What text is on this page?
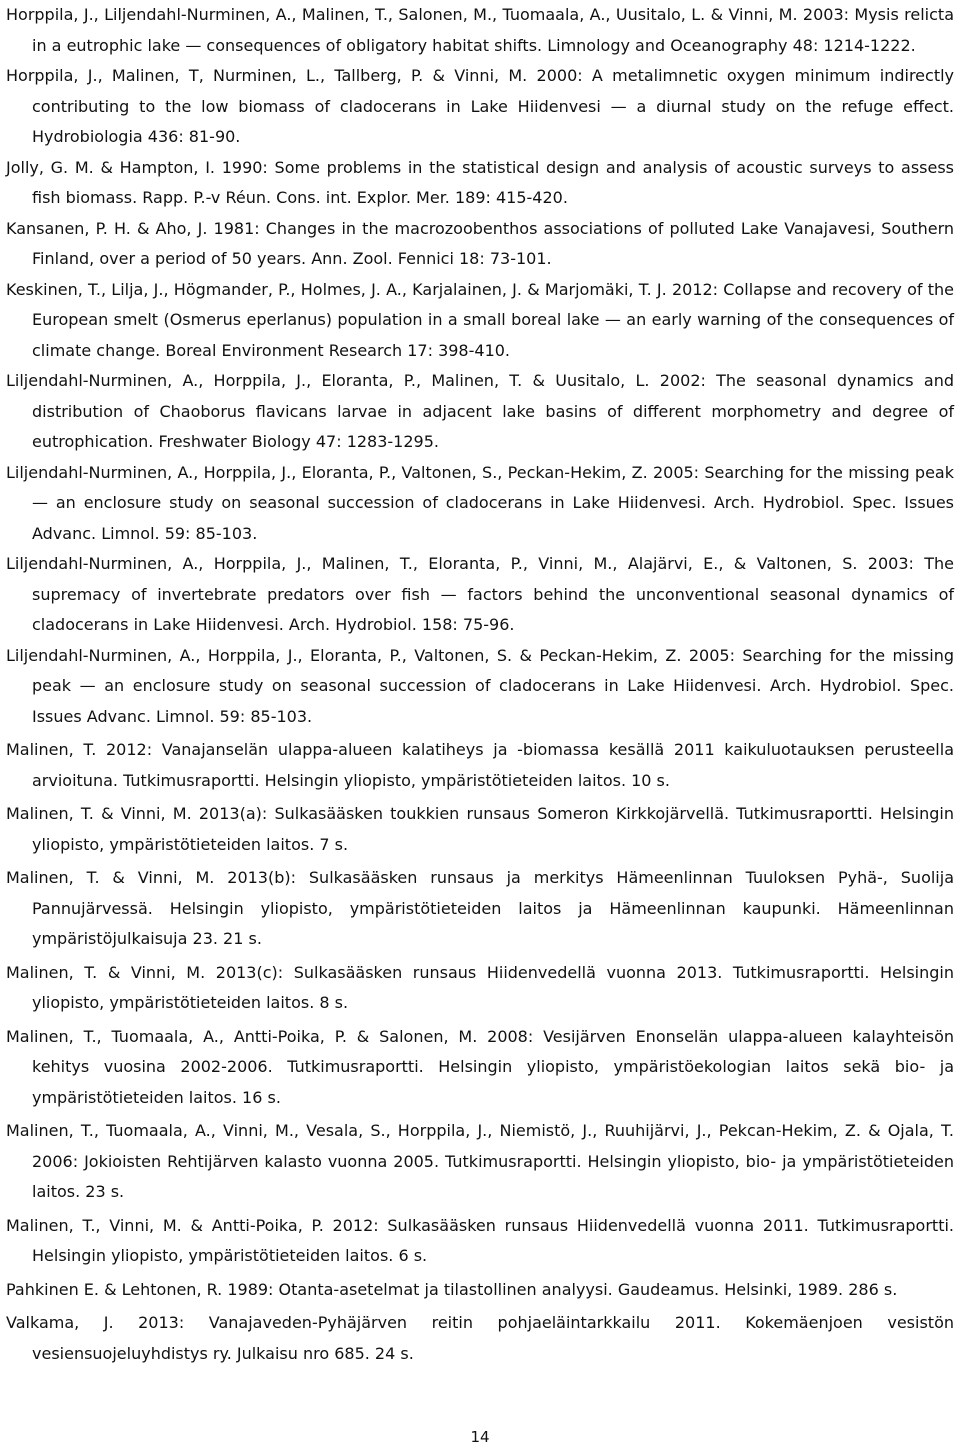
Horppila, J., Liljendahl-Nurminen, A., Malinen, T., Salonen, M., Tuomaala, A., Uusitalo, L. & Vinni, M. 2003: Mysis relicta in a eutrophic lake — consequences of obligatory habitat shifts. Limnology and Oceanography 48: 1214-1222.

Horppila, J., Malinen, T, Nurminen, L., Tallberg, P. & Vinni, M. 2000: A metalimnetic oxygen minimum indirectly contributing to the low biomass of cladocerans in Lake Hiidenvesi — a diurnal study on the refuge effect. Hydrobiologia 436: 81-90.

Jolly, G. M. & Hampton, I. 1990: Some problems in the statistical design and analysis of acoustic surveys to assess fish biomass. Rapp. P.-v Réun. Cons. int. Explor. Mer. 189: 415-420.

Kansanen, P. H. & Aho, J. 1981: Changes in the macrozoobenthos associations of polluted Lake Vanajavesi, Southern Finland, over a period of 50 years. Ann. Zool. Fennici 18: 73-101.

Keskinen, T., Lilja, J., Högmander, P., Holmes, J. A., Karjalainen, J. & Marjomäki, T. J. 2012: Collapse and recovery of the European smelt (Osmerus eperlanus) population in a small boreal lake — an early warning of the consequences of climate change. Boreal Environment Research 17: 398-410.

Liljendahl-Nurminen, A., Horppila, J., Eloranta, P., Malinen, T. & Uusitalo, L. 2002: The seasonal dynamics and distribution of Chaoborus flavicans larvae in adjacent lake basins of different morphometry and degree of eutrophication. Freshwater Biology 47: 1283-1295.

Liljendahl-Nurminen, A., Horppila, J., Eloranta, P., Valtonen, S., Peckan-Hekim, Z. 2005: Searching for the missing peak — an enclosure study on seasonal succession of cladocerans in Lake Hiidenvesi. Arch. Hydrobiol. Spec. Issues Advanc. Limnol. 59: 85-103.

Liljendahl-Nurminen, A., Horppila, J., Malinen, T., Eloranta, P., Vinni, M., Alajärvi, E., & Valtonen, S. 2003: The supremacy of invertebrate predators over fish — factors behind the unconventional seasonal dynamics of cladocerans in Lake Hiidenvesi. Arch. Hydrobiol. 158: 75-96.

Liljendahl-Nurminen, A., Horppila, J., Eloranta, P., Valtonen, S. & Peckan-Hekim, Z. 2005: Searching for the missing peak — an enclosure study on seasonal succession of cladocerans in Lake Hiidenvesi. Arch. Hydrobiol. Spec. Issues Advanc. Limnol. 59: 85-103.

Malinen, T. 2012: Vanajanselän ulappa-alueen kalatiheys ja -biomassa kesällä 2011 kaikuluotauksen perusteella arvioituna. Tutkimusraportti. Helsingin yliopisto, ympäristötieteiden laitos. 10 s.

Malinen, T. & Vinni, M. 2013(a): Sulkasääsken toukkien runsaus Someron Kirkkojärvellä. Tutkimusraportti. Helsingin yliopisto, ympäristötieteiden laitos. 7 s.

Malinen, T. & Vinni, M. 2013(b): Sulkasääsken runsaus ja merkitys Hämeenlinnan Tuuloksen Pyhä-, Suolija Pannujärvessä. Helsingin yliopisto, ympäristötieteiden laitos ja Hämeenlinnan kaupunki. Hämeenlinnan ympäristöjulkaisuja 23. 21 s.

Malinen, T. & Vinni, M. 2013(c): Sulkasääsken runsaus Hiidenvedellä vuonna 2013. Tutkimusraportti. Helsingin yliopisto, ympäristötieteiden laitos. 8 s.

Malinen, T., Tuomaala, A., Antti-Poika, P. & Salonen, M. 2008: Vesijärven Enonselän ulappa-alueen kalayhteisön kehitys vuosina 2002-2006. Tutkimusraportti. Helsingin yliopisto, ympäristöekologian laitos sekä bio- ja ympäristötieteiden laitos. 16 s.

Malinen, T., Tuomaala, A., Vinni, M., Vesala, S., Horppila, J., Niemistö, J., Ruuhijärvi, J., Pekcan-Hekim, Z. & Ojala, T. 2006: Jokioisten Rehtijärven kalasto vuonna 2005. Tutkimusraportti. Helsingin yliopisto, bio- ja ympäristötieteiden laitos. 23 s.

Malinen, T., Vinni, M. & Antti-Poika, P. 2012: Sulkasääsken runsaus Hiidenvedellä vuonna 2011. Tutkimusraportti. Helsingin yliopisto, ympäristötieteiden laitos. 6 s.

Pahkinen E. & Lehtonen, R. 1989: Otanta-asetelmat ja tilastollinen analyysi. Gaudeamus. Helsinki, 1989. 286 s.

Valkama, J. 2013: Vanajaveden-Pyhäjärven reitin pohjaeläintarkkailu 2011. Kokemäenjoen vesistön vesiensuojeluyhdistys ry. Julkaisu nro 685. 24 s.

14
